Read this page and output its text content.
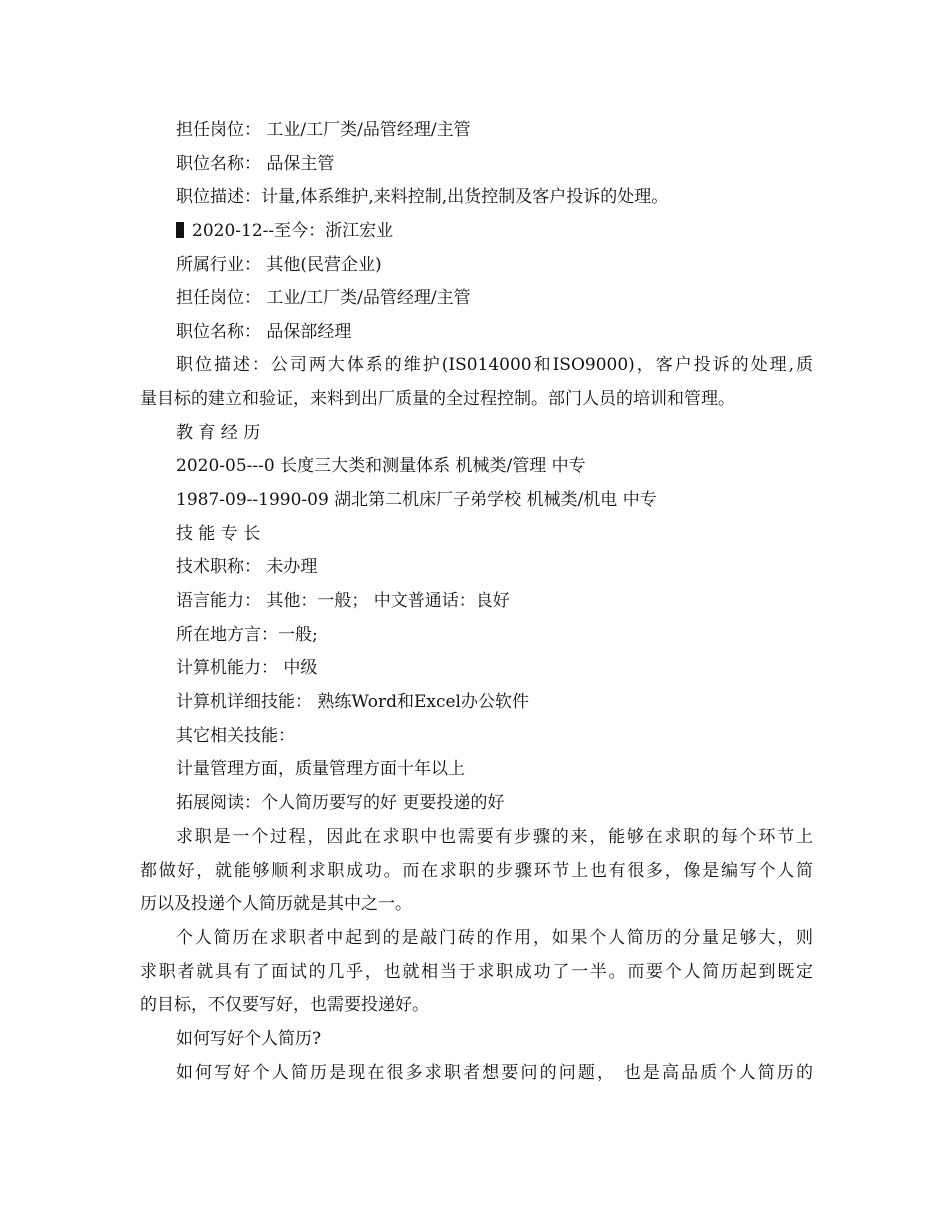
担任岗位： 工业/工厂类/品管经理/主管
职位名称： 品保主管
职位描述：计量,体系维护,来料控制,出货控制及客户投诉的处理。
2020-12--至今：浙江宏业
所属行业： 其他(民营企业)
担任岗位： 工业/工厂类/品管经理/主管
职位名称： 品保部经理
职位描述：公司两大体系的维护(IS014000和ISO9000)，客户投诉的处理,质
量目标的建立和验证，来料到出厂质量的全过程控制。部门人员的培训和管理。
教 育 经 历
2020-05---0 长度三大类和测量体系 机械类/管理 中专
1987-09--1990-09 湖北第二机床厂子弟学校 机械类/机电 中专
技 能 专 长
技术职称： 未办理
语言能力： 其他：一般； 中文普通话：良好
所在地方言：一般;
计算机能力： 中级
计算机详细技能： 熟练Word和Excel办公软件
其它相关技能：
计量管理方面，质量管理方面十年以上
拓展阅读：个人简历要写的好 更要投递的好
求职是一个过程，因此在求职中也需要有步骤的来，能够在求职的每个环节上
都做好，就能够顺利求职成功。而在求职的步骤环节上也有很多，像是编写个人简
历以及投递个人简历就是其中之一。
个人简历在求职者中起到的是敲门砖的作用，如果个人简历的分量足够大，则
求职者就具有了面试的几乎，也就相当于求职成功了一半。而要个人简历起到既定
的目标，不仅要写好，也需要投递好。
如何写好个人简历?
如何写好个人简历是现在很多求职者想要问的问题， 也是高品质个人简历的
